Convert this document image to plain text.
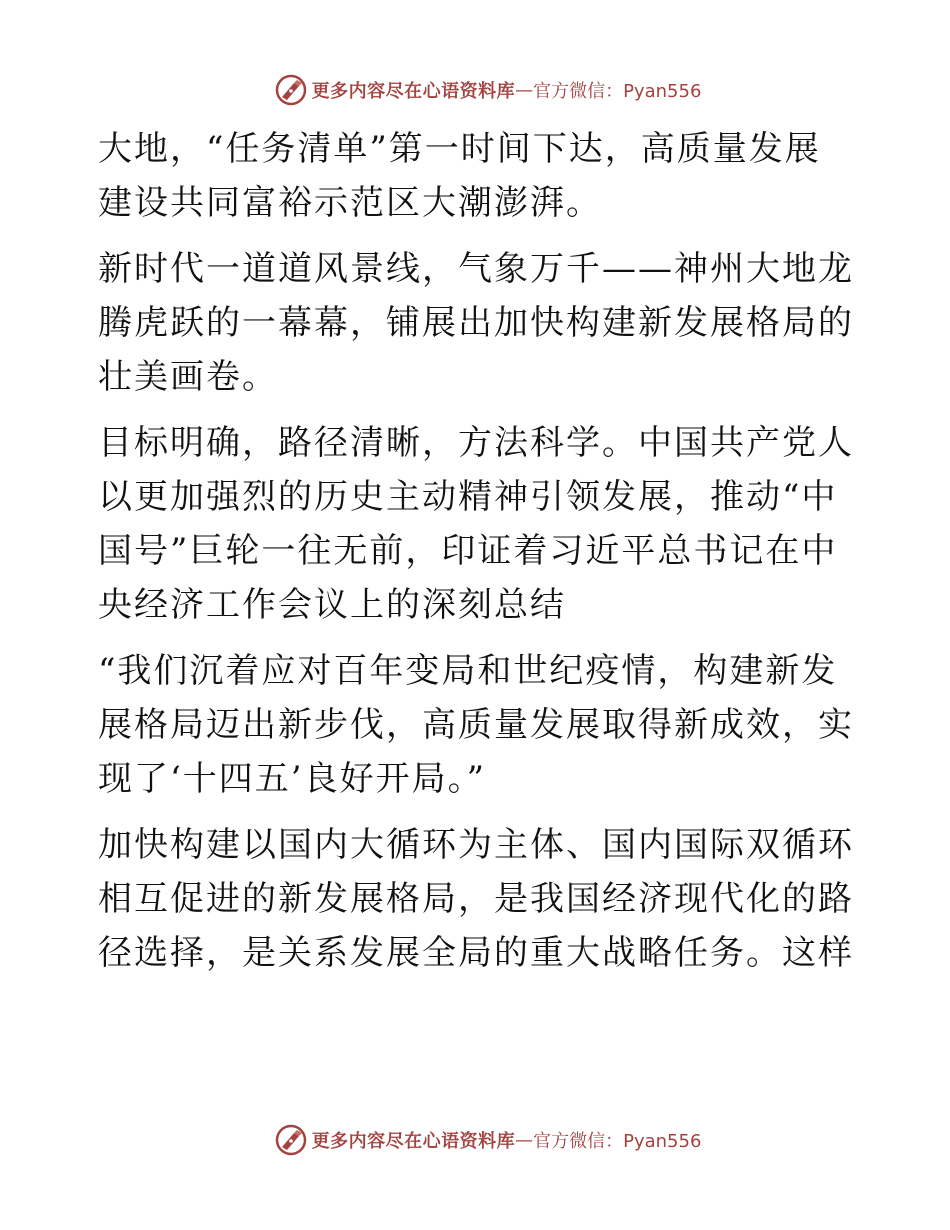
更多内容尽在心语资料库 — 官方微信：Pyan556

大地，“任务清单”第一时间下达，高质量发展建设共同富裕示范区大潮澎湃。

新时代一道道风景线，气象万千——神州大地龙腾虎跃的一幕幕，铺展出加快构建新发展格局的壮美画卷。

目标明确，路径清晰，方法科学。中国共产党人以更加强烈的历史主动精神引领发展，推动“中国号”巨轮一往无前，印证着习近平总书记在中央经济工作会议上的深刻总结

“我们沉着应对百年变局和世纪疫情，构建新发展格局迈出新步伐，高质量发展取得新成效，实现了‘十四五’良好开局。”

加快构建以国内大循环为主体、国内国际双循环相互促进的新发展格局，是我国经济现代化的路径选择，是关系发展全局的重大战略任务。这样

更多内容尽在心语资料库 — 官方微信：Pyan556
